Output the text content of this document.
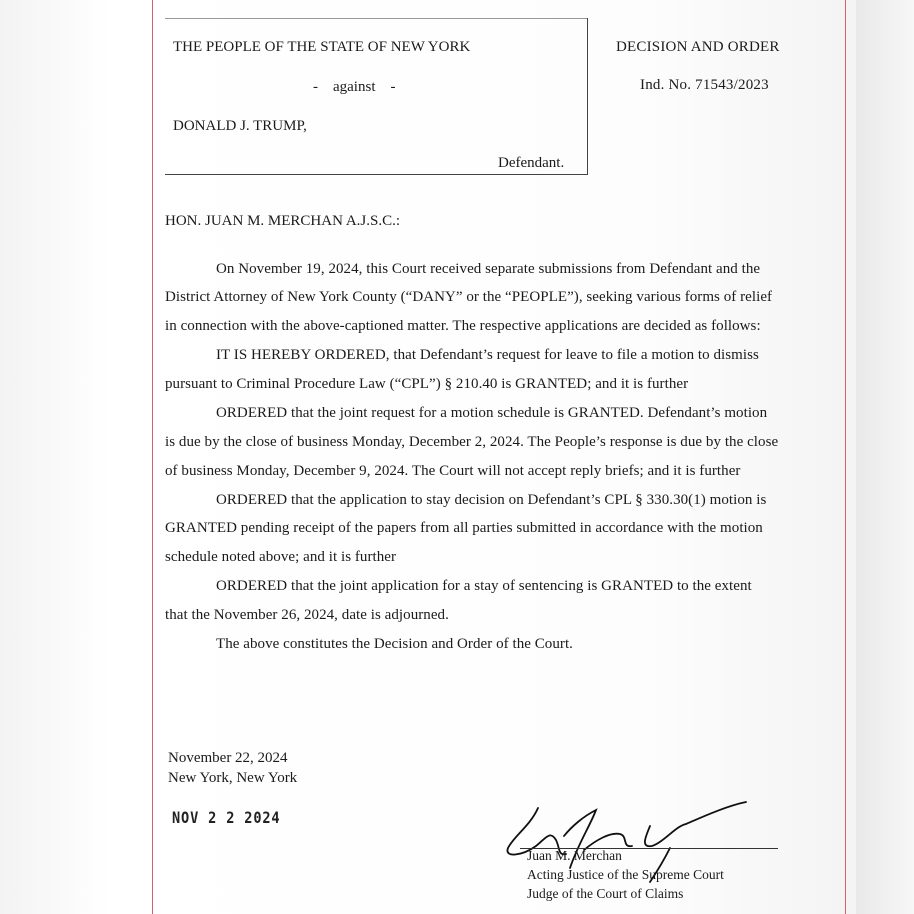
THE PEOPLE OF THE STATE OF NEW YORK
-    against    -
DONALD J. TRUMP,
Defendant.
DECISION AND ORDER
Ind. No. 71543/2023
HON. JUAN M. MERCHAN A.J.S.C.:
On November 19, 2024, this Court received separate submissions from Defendant and the
District Attorney of New York County (“DANY” or the “PEOPLE”), seeking various forms of relief
in connection with the above-captioned matter. The respective applications are decided as follows:
IT IS HEREBY ORDERED, that Defendant’s request for leave to file a motion to dismiss
pursuant to Criminal Procedure Law (“CPL”) § 210.40 is GRANTED; and it is further
ORDERED that the joint request for a motion schedule is GRANTED. Defendant’s motion
is due by the close of business Monday, December 2, 2024. The People’s response is due by the close
of business Monday, December 9, 2024. The Court will not accept reply briefs; and it is further
ORDERED that the application to stay decision on Defendant’s CPL § 330.30(1) motion is
GRANTED pending receipt of the papers from all parties submitted in accordance with the motion
schedule noted above; and it is further
ORDERED that the joint application for a stay of sentencing is GRANTED to the extent
that the November 26, 2024, date is adjourned.
The above constitutes the Decision and Order of the Court.
November 22, 2024
New York, New York
NOV 2 2 2024
Juan M. Merchan
Acting Justice of the Supreme Court
Judge of the Court of Claims
